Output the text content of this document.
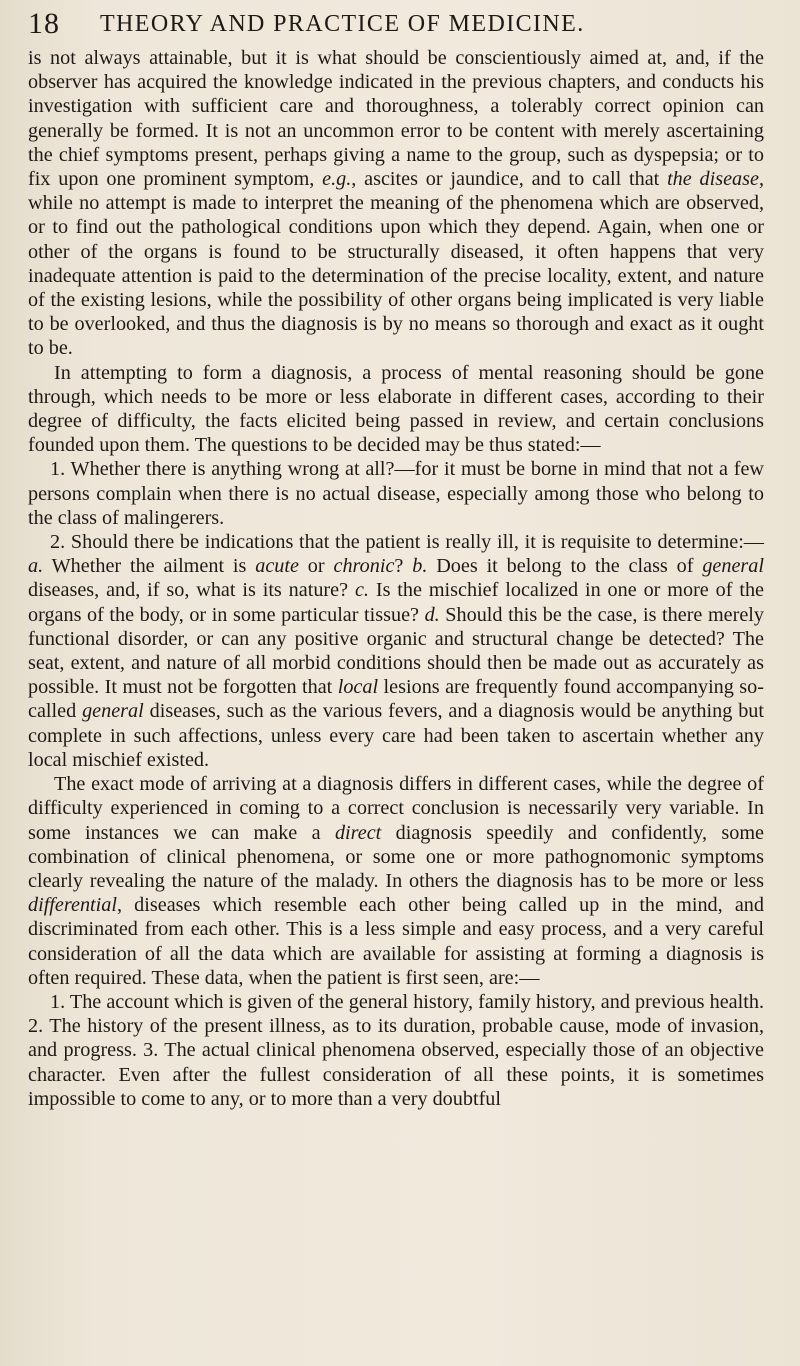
18 THEORY AND PRACTICE OF MEDICINE.

is not always attainable, but it is what should be conscientiously aimed at, and, if the observer has acquired the knowledge indicated in the previous chapters, and conducts his investigation with sufficient care and thoroughness, a tolerably correct opinion can generally be formed. It is not an uncommon error to be content with merely ascertaining the chief symptoms present, perhaps giving a name to the group, such as dyspepsia; or to fix upon one prominent symptom, e.g., ascites or jaundice, and to call that the disease, while no attempt is made to interpret the meaning of the phenomena which are observed, or to find out the pathological conditions upon which they depend. Again, when one or other of the organs is found to be structurally diseased, it often happens that very inadequate attention is paid to the determination of the precise locality, extent, and nature of the existing lesions, while the possibility of other organs being implicated is very liable to be overlooked, and thus the diagnosis is by no means so thorough and exact as it ought to be.

In attempting to form a diagnosis, a process of mental reasoning should be gone through, which needs to be more or less elaborate in different cases, according to their degree of difficulty, the facts elicited being passed in review, and certain conclusions founded upon them. The questions to be decided may be thus stated:—

1. Whether there is anything wrong at all?—for it must be borne in mind that not a few persons complain when there is no actual disease, especially among those who belong to the class of malingerers.

2. Should there be indications that the patient is really ill, it is requisite to determine:—a. Whether the ailment is acute or chronic? b. Does it belong to the class of general diseases, and, if so, what is its nature? c. Is the mischief localized in one or more of the organs of the body, or in some particular tissue? d. Should this be the case, is there merely functional disorder, or can any positive organic and structural change be detected? The seat, extent, and nature of all morbid conditions should then be made out as accurately as possible. It must not be forgotten that local lesions are frequently found accompanying so-called general diseases, such as the various fevers, and a diagnosis would be anything but complete in such affections, unless every care had been taken to ascertain whether any local mischief existed.

The exact mode of arriving at a diagnosis differs in different cases, while the degree of difficulty experienced in coming to a correct conclusion is necessarily very variable. In some instances we can make a direct diagnosis speedily and confidently, some combination of clinical phenomena, or some one or more pathognomonic symptoms clearly revealing the nature of the malady. In others the diagnosis has to be more or less differential, diseases which resemble each other being called up in the mind, and discriminated from each other. This is a less simple and easy process, and a very careful consideration of all the data which are available for assisting at forming a diagnosis is often required. These data, when the patient is first seen, are:—

1. The account which is given of the general history, family history, and previous health. 2. The history of the present illness, as to its duration, probable cause, mode of invasion, and progress. 3. The actual clinical phenomena observed, especially those of an objective character. Even after the fullest consideration of all these points, it is sometimes impossible to come to any, or to more than a very doubtful
